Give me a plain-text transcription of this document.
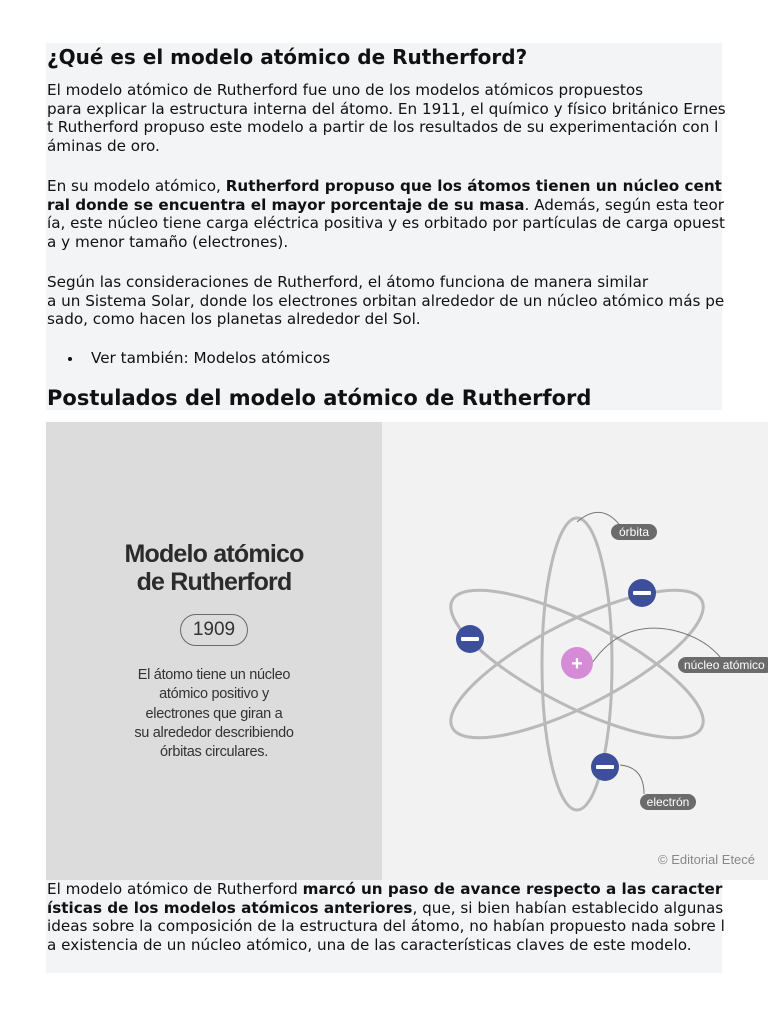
¿Qué es el modelo atómico de Rutherford?

El modelo atómico de Rutherford fue uno de los modelos atómicos propuestos
para explicar la estructura interna del átomo. En 1911, el químico y físico británico Ernest Rutherford propuso este modelo a partir de los resultados de su experimentación con láminas de oro.

En su modelo atómico, Rutherford propuso que los átomos tienen un núcleo central donde se encuentra el mayor porcentaje de su masa. Además, según esta teoría, este núcleo tiene carga eléctrica positiva y es orbitado por partículas de carga opuesta y menor tamaño (electrones).

Según las consideraciones de Rutherford, el átomo funciona de manera similar
a un Sistema Solar, donde los electrones orbitan alrededor de un núcleo atómico más pesado, como hacen los planetas alrededor del Sol.

Ver también: Modelos atómicos
Postulados del modelo atómico de Rutherford
Modelo atómico
de Rutherford
1909
El átomo tiene un núcleo
atómico positivo y
electrones que giran a
su alrededor describiendo
órbitas circulares.
+
órbita
núcleo atómico
electrón
© Editorial Etecé

El modelo atómico de Rutherford marcó un paso de avance respecto a las características de los modelos atómicos anteriores, que, si bien habían establecido algunas ideas sobre la composición de la estructura del átomo, no habían propuesto nada sobre la existencia de un núcleo atómico, una de las características claves de este modelo.
